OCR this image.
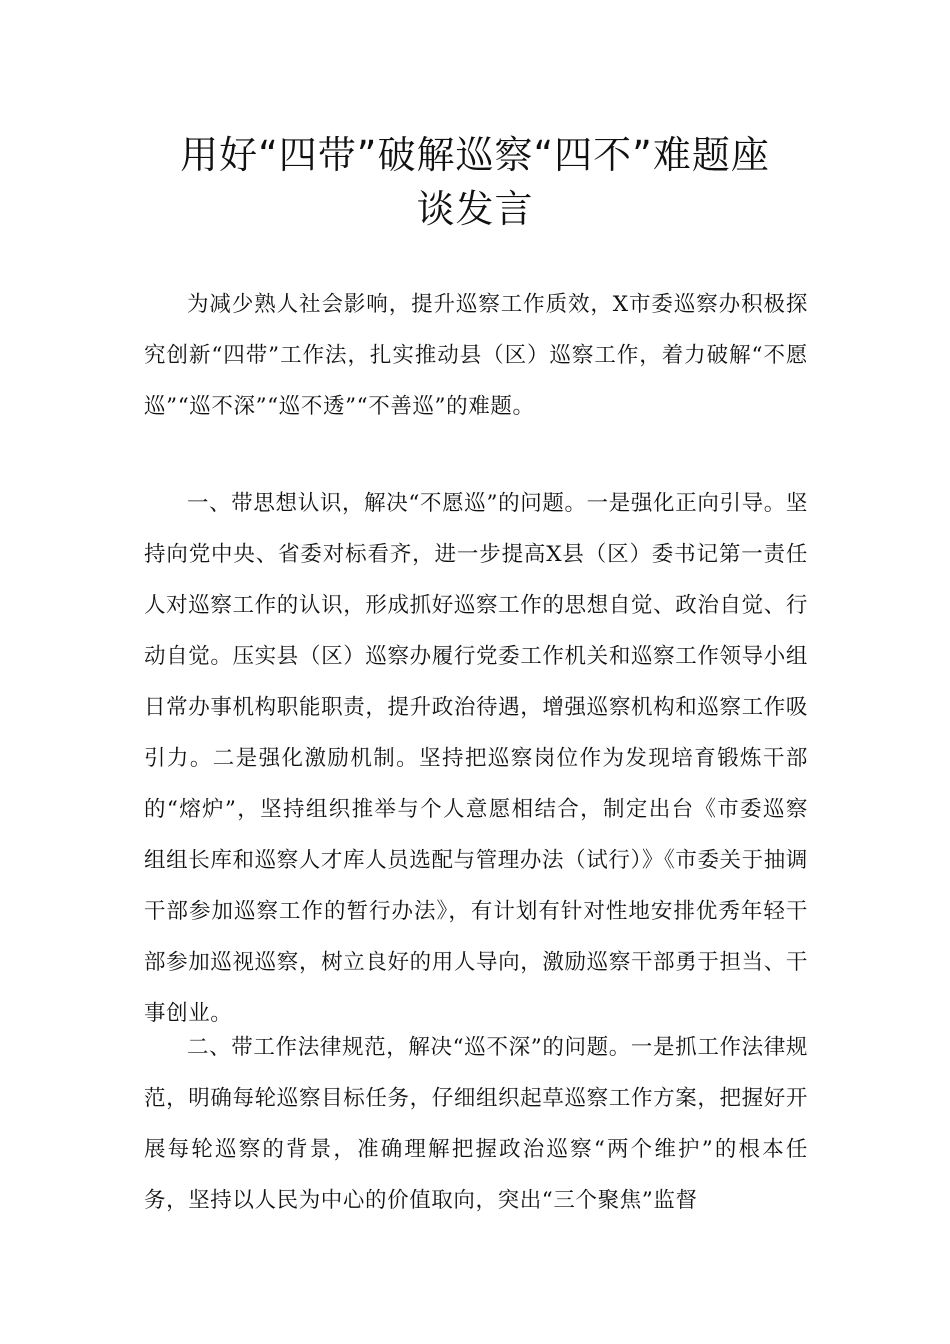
用好“四带”破解巡察“四不”难题座
谈发言

为减少熟人社会影响，提升巡察工作质效，X市委巡察办积极探究创新“四带”工作法，扎实推动县（区）巡察工作，着力破解“不愿巡”“巡不深”“巡不透”“不善巡”的难题。

一、带思想认识，解决“不愿巡”的问题。一是强化正向引导。坚持向党中央、省委对标看齐，进一步提高X县（区）委书记第一责任人对巡察工作的认识，形成抓好巡察工作的思想自觉、政治自觉、行动自觉。压实县（区）巡察办履行党委工作机关和巡察工作领导小组日常办事机构职能职责，提升政治待遇，增强巡察机构和巡察工作吸引力。二是强化激励机制。坚持把巡察岗位作为发现培育锻炼干部的“熔炉”，坚持组织推举与个人意愿相结合，制定出台《市委巡察组组长库和巡察人才库人员选配与管理办法（试行）》《市委关于抽调干部参加巡察工作的暂行办法》，有计划有针对性地安排优秀年轻干部参加巡视巡察，树立良好的用人导向，激励巡察干部勇于担当、干事创业。

二、带工作法律规范，解决“巡不深”的问题。一是抓工作法律规范，明确每轮巡察目标任务，仔细组织起草巡察工作方案，把握好开展每轮巡察的背景，准确理解把握政治巡察“两个维护”的根本任务，坚持以人民为中心的价值取向，突出“三个聚焦”监督
